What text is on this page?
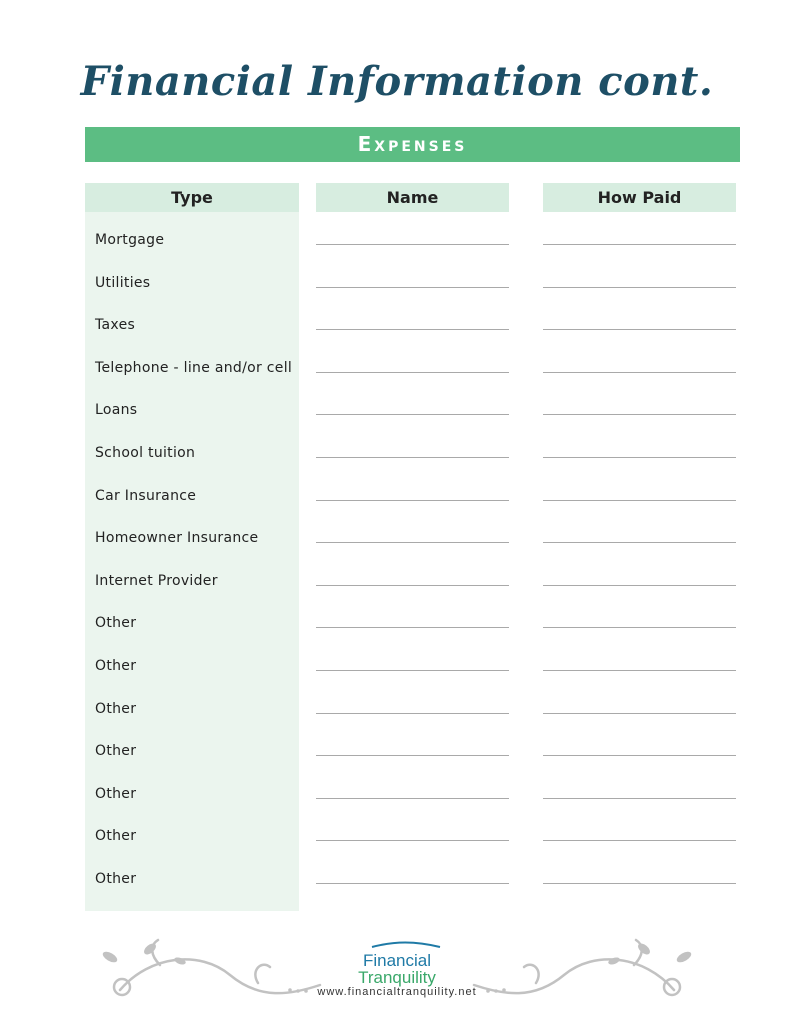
Financial Information cont.
Expenses
Type	Name	How Paid
Mortgage
Utilities
Taxes
Telephone - line and/or cell
Loans
School tuition
Car Insurance
Homeowner Insurance
Internet Provider
Other
Other
Other
Other
Other
Other
Other
Financial
Tranquility
www.financialtranquility.net
